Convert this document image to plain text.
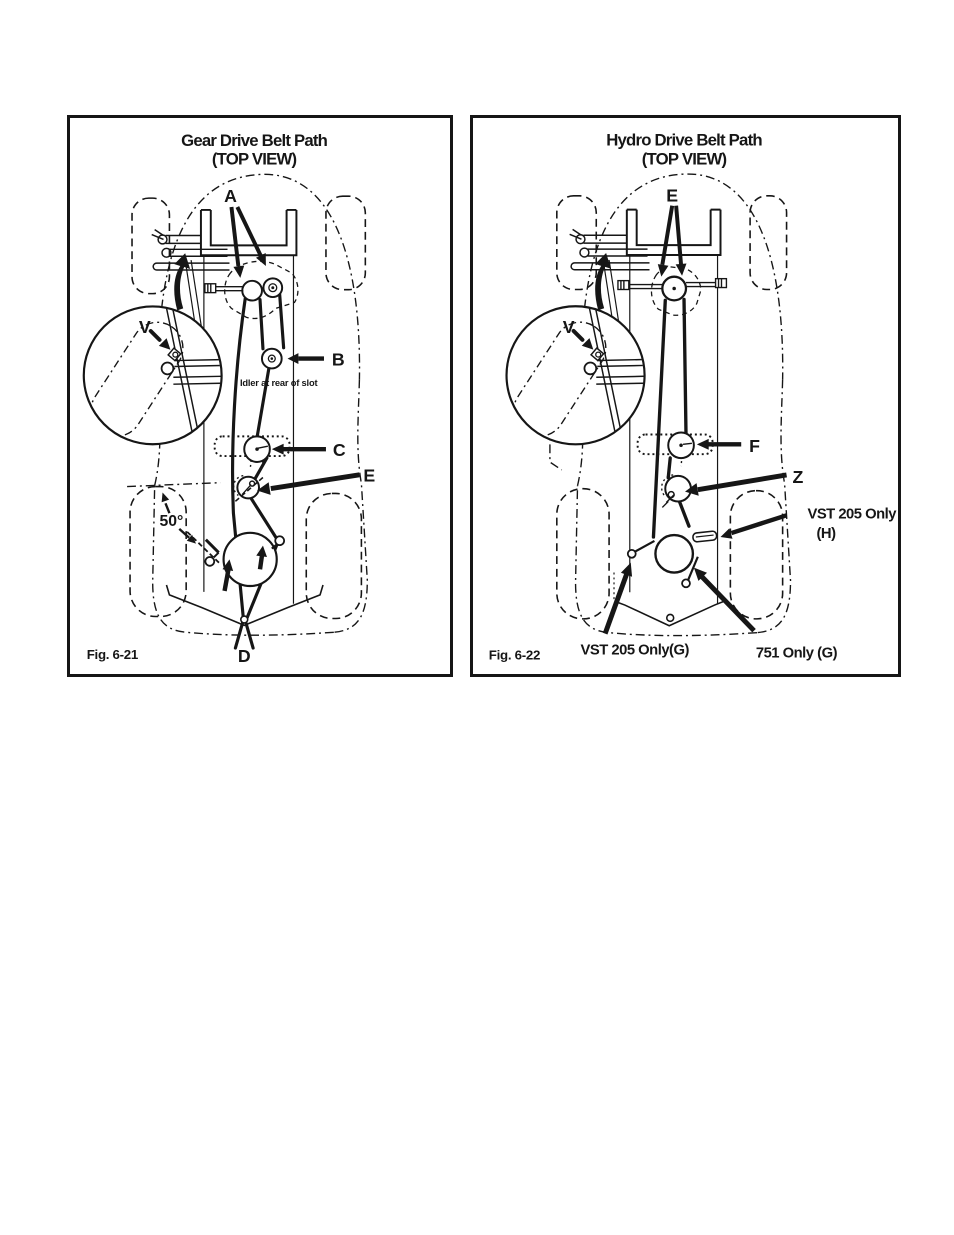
V
A
B
Idler at rear of slot
C
E
50°
D
Fig. 6-21
Gear Drive Belt Path
(TOP VIEW)
V
E
F
Z
VST 205 Only
(H)
VST 205 Only(G)	751 Only (G)
Fig. 6-22
Hydro Drive Belt Path
(TOP VIEW)
